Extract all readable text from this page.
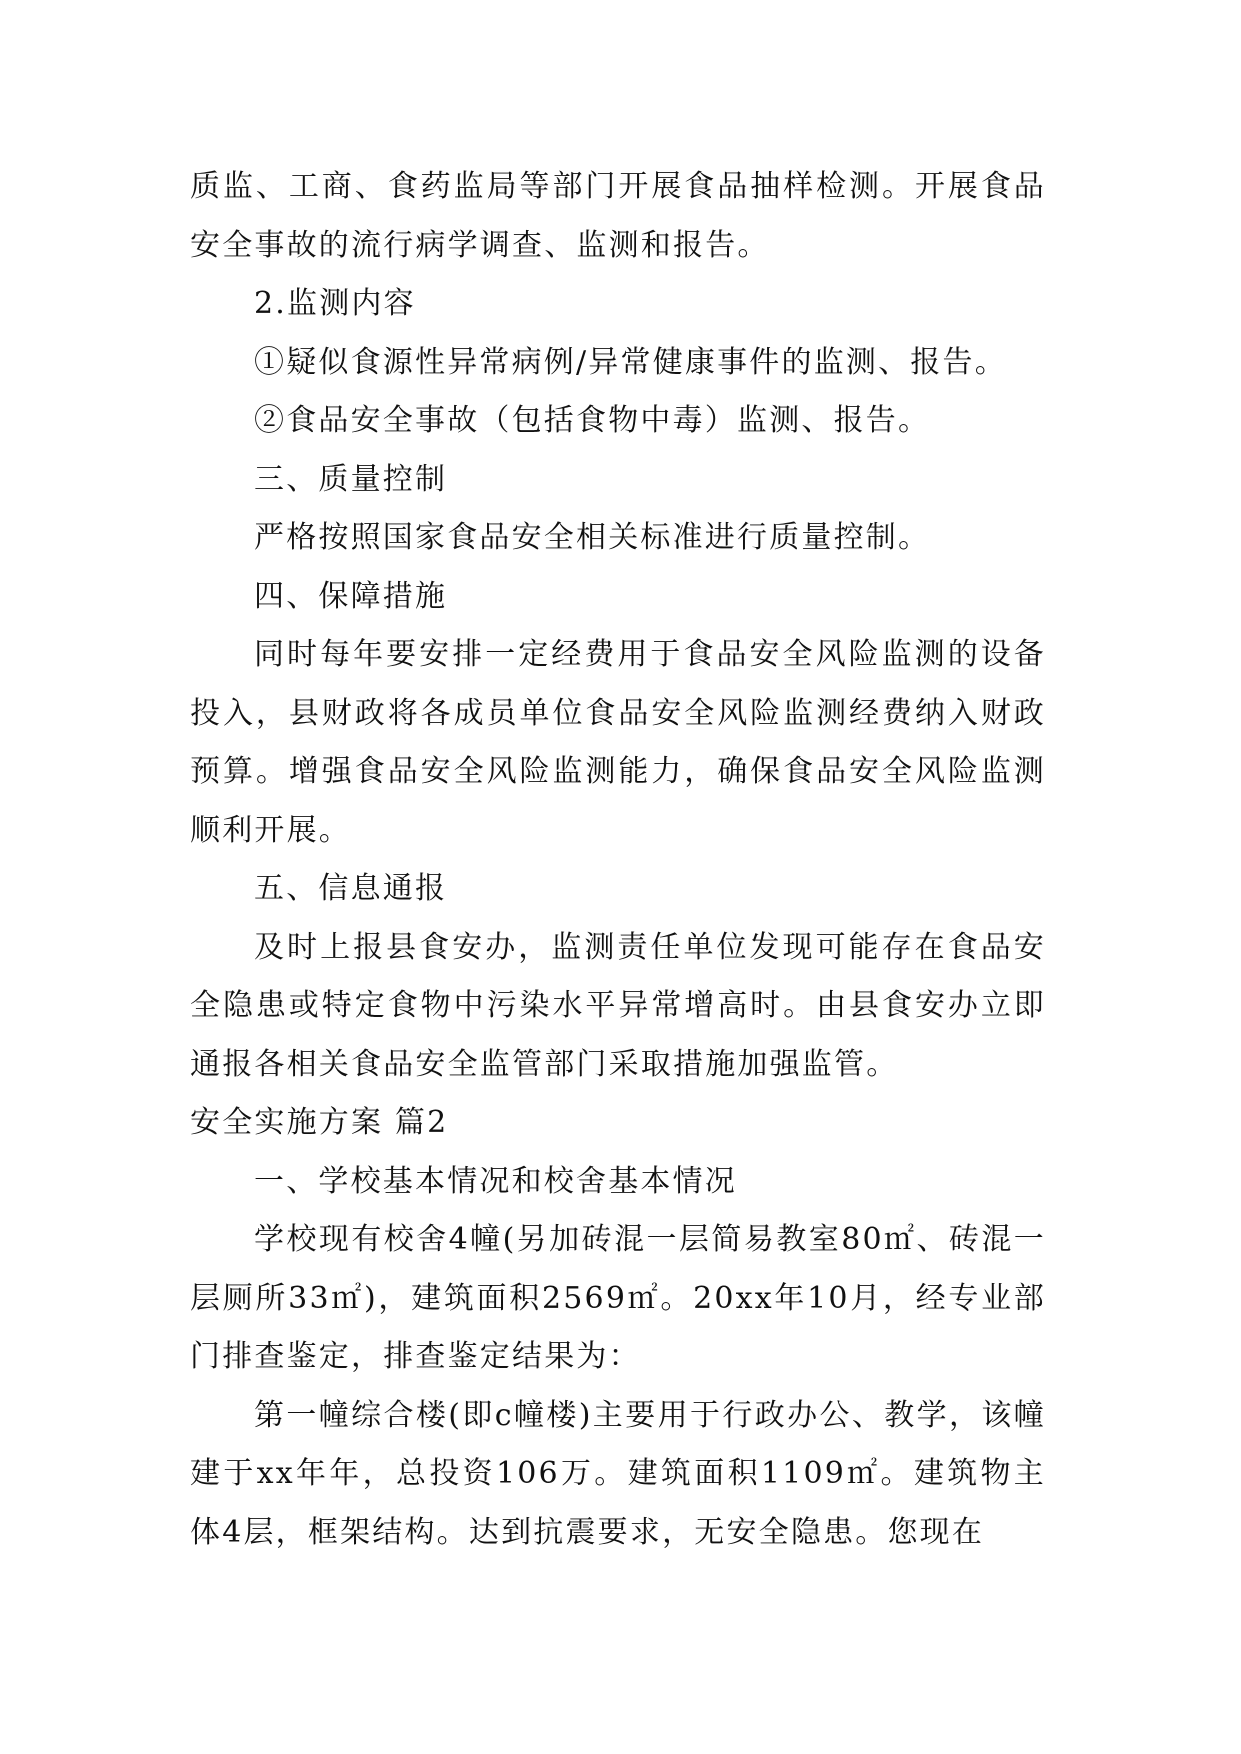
质监、工商、食药监局等部门开展食品抽样检测。开展食品安全事故的流行病学调查、监测和报告。

2.监测内容

①疑似食源性异常病例/异常健康事件的监测、报告。

②食品安全事故（包括食物中毒）监测、报告。

三、质量控制

严格按照国家食品安全相关标准进行质量控制。

四、保障措施

同时每年要安排一定经费用于食品安全风险监测的设备投入，县财政将各成员单位食品安全风险监测经费纳入财政预算。增强食品安全风险监测能力，确保食品安全风险监测顺利开展。

五、信息通报

及时上报县食安办，监测责任单位发现可能存在食品安全隐患或特定食物中污染水平异常增高时。由县食安办立即通报各相关食品安全监管部门采取措施加强监管。

安全实施方案 篇2

一、学校基本情况和校舍基本情况

学校现有校舍4幢(另加砖混一层简易教室80㎡、砖混一层厕所33㎡)，建筑面积2569㎡。20xx年10月，经专业部门排查鉴定，排查鉴定结果为：

第一幢综合楼(即c幢楼)主要用于行政办公、教学，该幢建于xx年年，总投资106万。建筑面积1109㎡。建筑物主体4层，框架结构。达到抗震要求，无安全隐患。您现在
